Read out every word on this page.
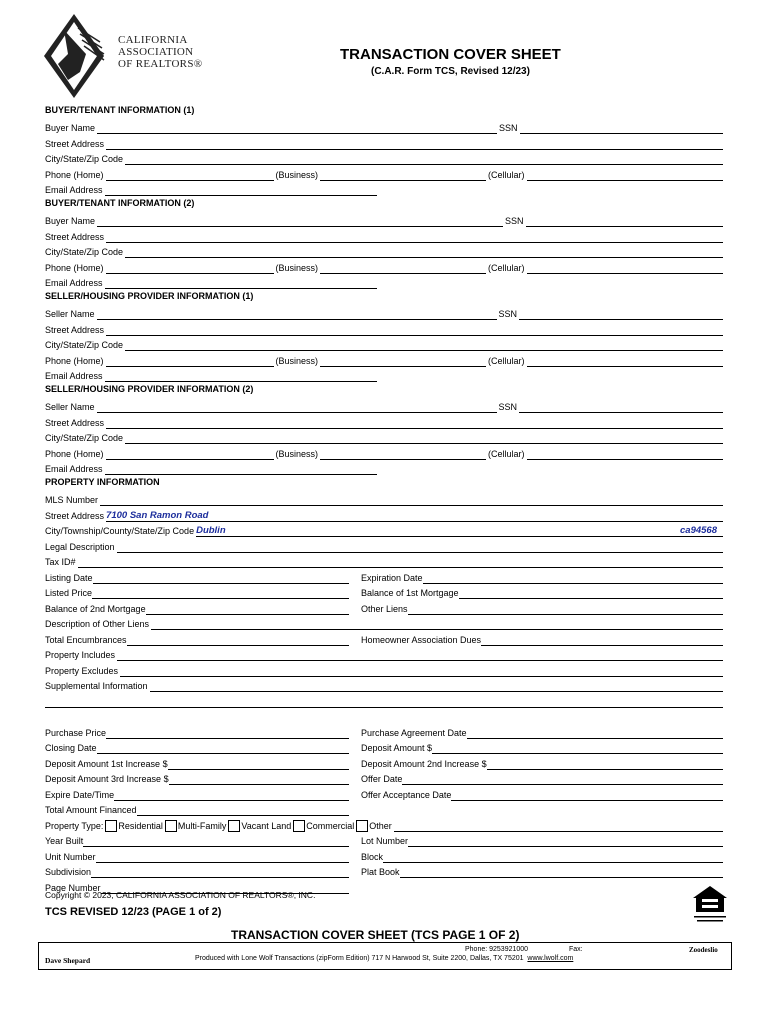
CALIFORNIA
ASSOCIATION
OF REALTORS®
TRANSACTION COVER SHEET
(C.A.R. Form TCS, Revised 12/23)
BUYER/TENANT INFORMATION (1)
Buyer Name	SSN
Street Address
City/State/Zip Code
Phone (Home)	(Business)	(Cellular)
Email Address
BUYER/TENANT INFORMATION (2)
Buyer Name	SSN
Street Address
City/State/Zip Code
Phone (Home)	(Business)	(Cellular)
Email Address
SELLER/HOUSING PROVIDER INFORMATION (1)
Seller Name	SSN
Street Address
City/State/Zip Code
Phone (Home)	(Business)	(Cellular)
Email Address
SELLER/HOUSING PROVIDER INFORMATION (2)
Seller Name	SSN
Street Address
City/State/Zip Code
Phone (Home)	(Business)	(Cellular)
Email Address
PROPERTY INFORMATION
MLS Number
Street Address 7100 San Ramon Road
City/Township/County/State/Zip Code Dublin	ca94568
Legal Description
Tax ID#
Listing Date	Expiration Date
Listed Price	Balance of 1st Mortgage
Balance of 2nd Mortgage	Other Liens
Description of Other Liens
Total Encumbrances	Homeowner Association Dues
Property Includes
Property Excludes
Supplemental Information
Purchase Price	Purchase Agreement Date
Closing Date	Deposit Amount $
Deposit Amount 1st Increase $	Deposit Amount 2nd Increase $
Deposit Amount 3rd Increase $	Offer Date
Expire Date/Time	Offer Acceptance Date
Total Amount Financed
Property Type: Residential Multi-Family Vacant Land Commercial Other
Year Built	Lot Number
Unit Number	Block
Subdivision	Plat Book
Page Number
Copyright © 2023, CALIFORNIA ASSOCIATION OF REALTORS®, INC.
TCS REVISED 12/23 (PAGE 1 of 2)
TRANSACTION COVER SHEET (TCS PAGE 1 OF 2)
Phone: 9253921000	Fax:	Zoodeslio
Dave Shepard	Produced with Lone Wolf Transactions (zipForm Edition) 717 N Harwood St, Suite 2200, Dallas, TX 75201 www.lwolf.com
